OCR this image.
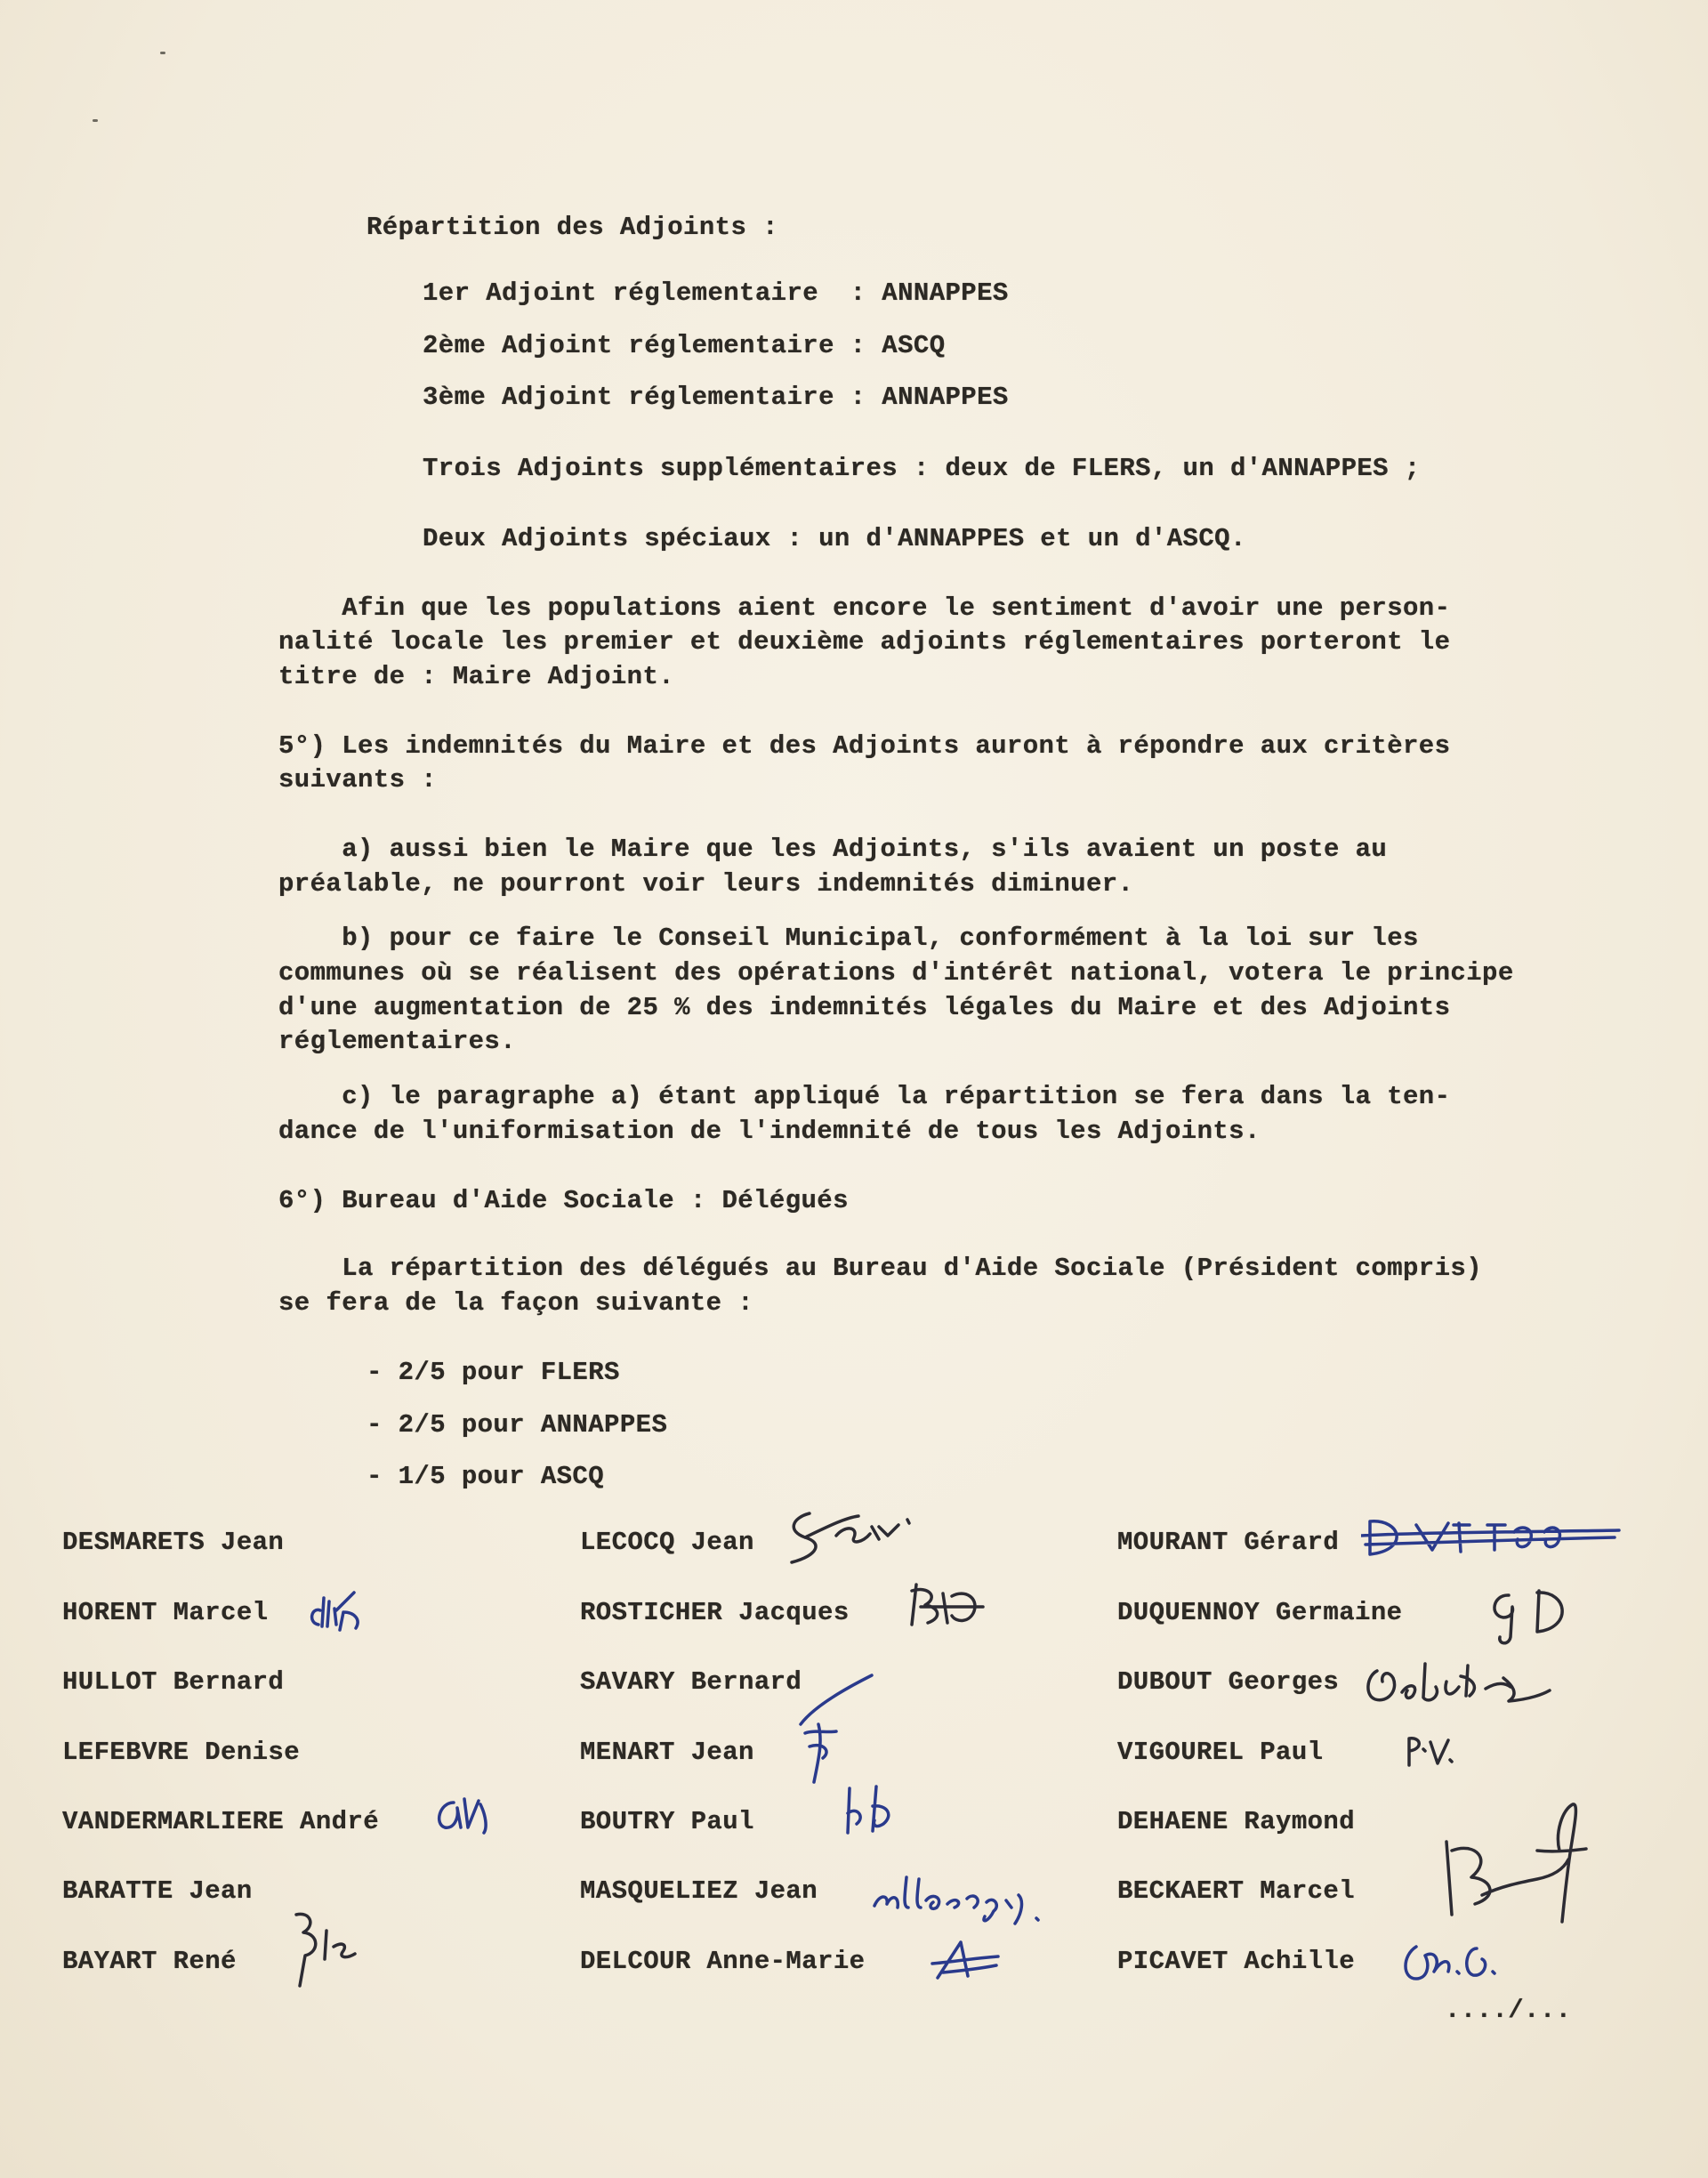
Répartition des Adjoints :
1er Adjoint réglementaire  : ANNAPPES
2ème Adjoint réglementaire : ASCQ
3ème Adjoint réglementaire : ANNAPPES
Trois Adjoints supplémentaires : deux de FLERS, un d'ANNAPPES ;
Deux Adjoints spéciaux : un d'ANNAPPES et un d'ASCQ.
Afin que les populations aient encore le sentiment d'avoir une person-
nalité locale les premier et deuxième adjoints réglementaires porteront le
titre de : Maire Adjoint.
5°) Les indemnités du Maire et des Adjoints auront à répondre aux critères
suivants :
a) aussi bien le Maire que les Adjoints, s'ils avaient un poste au
préalable, ne pourront voir leurs indemnités diminuer.
b) pour ce faire le Conseil Municipal, conformément à la loi sur les
communes où se réalisent des opérations d'intérêt national, votera le principe
d'une augmentation de 25 % des indemnités légales du Maire et des Adjoints
réglementaires.
c) le paragraphe a) étant appliqué la répartition se fera dans la ten-
dance de l'uniformisation de l'indemnité de tous les Adjoints.
6°) Bureau d'Aide Sociale : Délégués
La répartition des délégués au Bureau d'Aide Sociale (Président compris)
se fera de la façon suivante :
- 2/5 pour FLERS
- 2/5 pour ANNAPPES
- 1/5 pour ASCQ
DESMARETS Jean
HORENT Marcel
HULLOT Bernard
LEFEBVRE Denise
VANDERMARLIERE André
BARATTE Jean
BAYART René
LECOCQ Jean
ROSTICHER Jacques
SAVARY Bernard
MENART Jean
BOUTRY Paul
MASQUELIEZ Jean
DELCOUR Anne-Marie
MOURANT Gérard
DUQUENNOY Germaine
DUBOUT Georges
VIGOUREL Paul
DEHAENE Raymond
BECKAERT Marcel
PICAVET Achille
..../...
